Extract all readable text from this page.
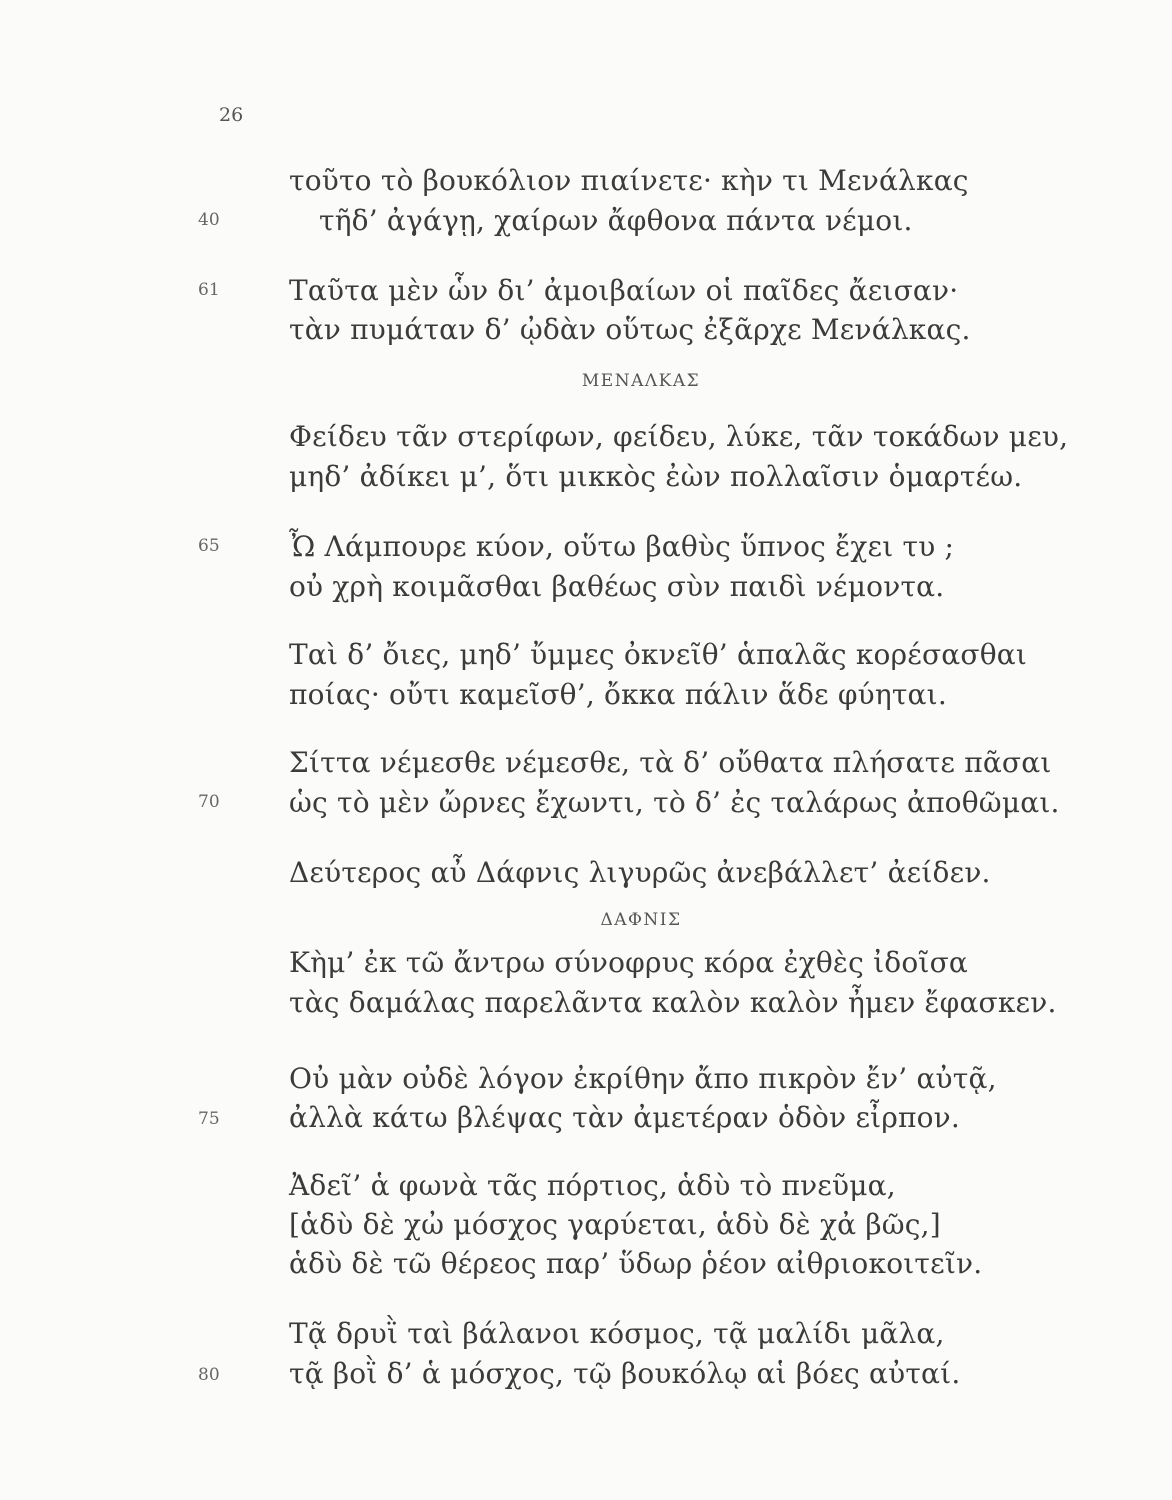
26
τοῦτο τὸ βουκόλιον πιαίνετε· κὴν τι Μενάλκας
40	τῆδ’ ἀγάγῃ, χαίρων ἄφθονα πάντα νέμοι.
61 Ταῦτα μὲν ὧν δι’ ἀμοιβαίων οἱ παῖδες ἄεισαν·
τὰν πυμάταν δ’ ᾠδὰν οὕτως ἐξᾶρχε Μενάλκας.
ΜΕΝΑΛΚΑΣ
Φείδευ τᾶν στερίφων, φείδευ, λύκε, τᾶν τοκάδων μευ,
μηδ’ ἀδίκει μ’, ὅτι μικκὸς ἐὼν πολλαῖσιν ὁμαρτέω.
65 Ὦ Λάμπουρε κύον, οὕτω βαθὺς ὕπνος ἔχει τυ ;
οὐ χρὴ κοιμᾶσθαι βαθέως σὺν παιδὶ νέμοντα.
Ταὶ δ’ ὄιες, μηδ’ ὔμμες ὀκνεῖθ’ ἁπαλᾶς κορέσασθαι
ποίας· οὔτι καμεῖσθ’, ὄκκα πάλιν ἅδε φύηται.
Σίττα νέμεσθε νέμεσθε, τὰ δ’ οὔθατα πλήσατε πᾶσαι
70 ὡς τὸ μὲν ὤρνες ἔχωντι, τὸ δ’ ἐς ταλάρως ἀποθῶμαι.
Δεύτερος αὖ Δάφνις λιγυρῶς ἀνεβάλλετ’ ἀείδεν.
ΔΑΦΝΙΣ
Κὴμ’ ἐκ τῶ ἄντρω σύνοφρυς κόρα ἐχθὲς ἰδοῖσα
τὰς δαμάλας παρελᾶντα καλὸν καλὸν ἦμεν ἔφασκεν.
Οὐ μὰν οὐδὲ λόγον ἐκρίθην ἄπο πικρὸν ἔν’ αὐτᾷ,
75 ἀλλὰ κάτω βλέψας τὰν ἀμετέραν ὁδὸν εἶρπον.
Ἀδεῖ’ ἁ φωνὰ τᾶς πόρτιος, ἁδὺ τὸ πνεῦμα,
[ἁδὺ δὲ χὠ μόσχος γαρύεται, ἁδὺ δὲ χἀ βῶς,]
ἁδὺ δὲ τῶ θέρεος παρ’ ὕδωρ ῥέον αἰθριοκοιτεῖν.
Τᾷ δρυῒ ταὶ βάλανοι κόσμος, τᾷ μαλίδι μᾶλα,
80 τᾷ βοῒ δ’ ἁ μόσχος, τῷ βουκόλῳ αἱ βόες αὐταί.
